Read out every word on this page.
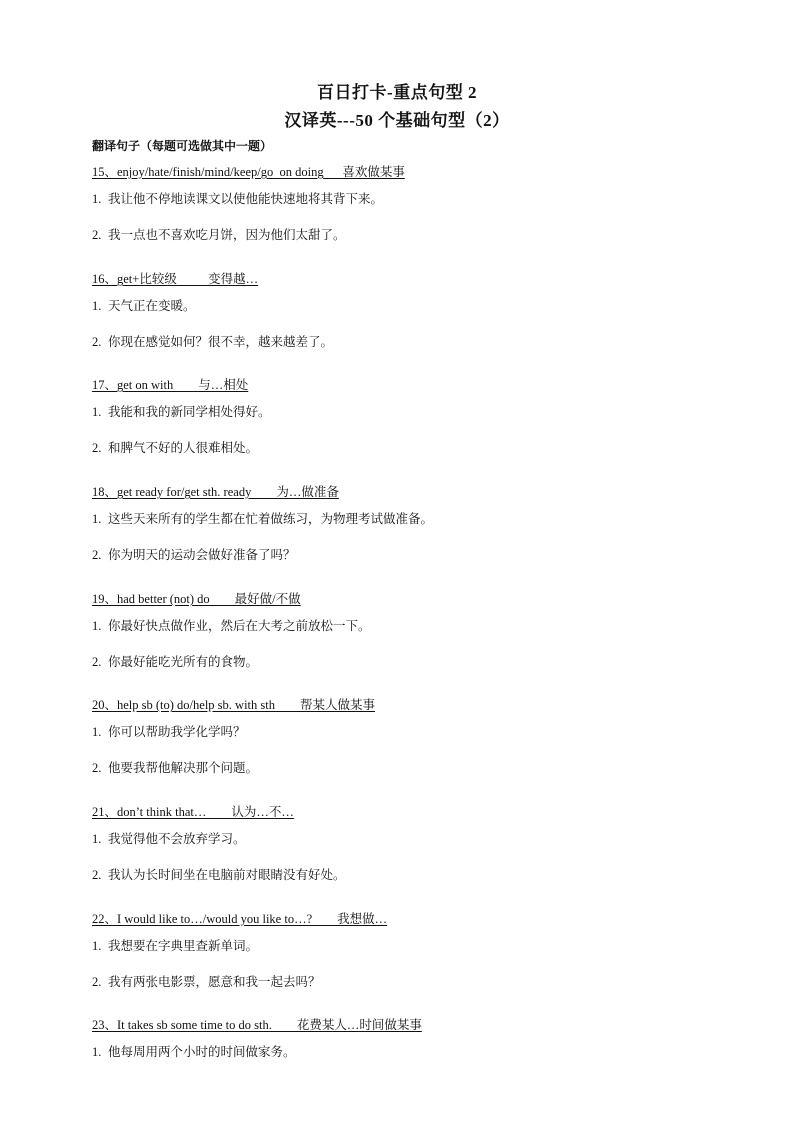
百日打卡-重点句型 2
汉译英---50 个基础句型（2）
翻译句子（每题可选做其中一题）
15、enjoy/hate/finish/mind/keep/go  on doing      喜欢做某事
1. 我让他不停地读课文以使他能快速地将其背下来。
2. 我一点也不喜欢吃月饼，因为他们太甜了。
16、get+比较级          变得越…
1. 天气正在变暖。
2. 你现在感觉如何？很不幸，越来越差了。
17、get on with        与…相处
1. 我能和我的新同学相处得好。
2. 和脾气不好的人很难相处。
18、get ready for/get sth. ready        为…做准备
1. 这些天来所有的学生都在忙着做练习，为物理考试做准备。
2. 你为明天的运动会做好准备了吗？
19、had better (not) do        最好做/不做
1. 你最好快点做作业，然后在大考之前放松一下。
2. 你最好能吃光所有的食物。
20、help sb (to) do/help sb. with sth        帮某人做某事
1. 你可以帮助我学化学吗？
2. 他要我帮他解决那个问题。
21、don’t think that…        认为…不…
1. 我觉得他不会放弃学习。
2. 我认为长时间坐在电脑前对眼睛没有好处。
22、I would like to…/would you like to…?        我想做…
1. 我想要在字典里查新单词。
2. 我有两张电影票，愿意和我一起去吗？
23、It takes sb some time to do sth.        花费某人…时间做某事
1. 他每周用两个小时的时间做家务。
